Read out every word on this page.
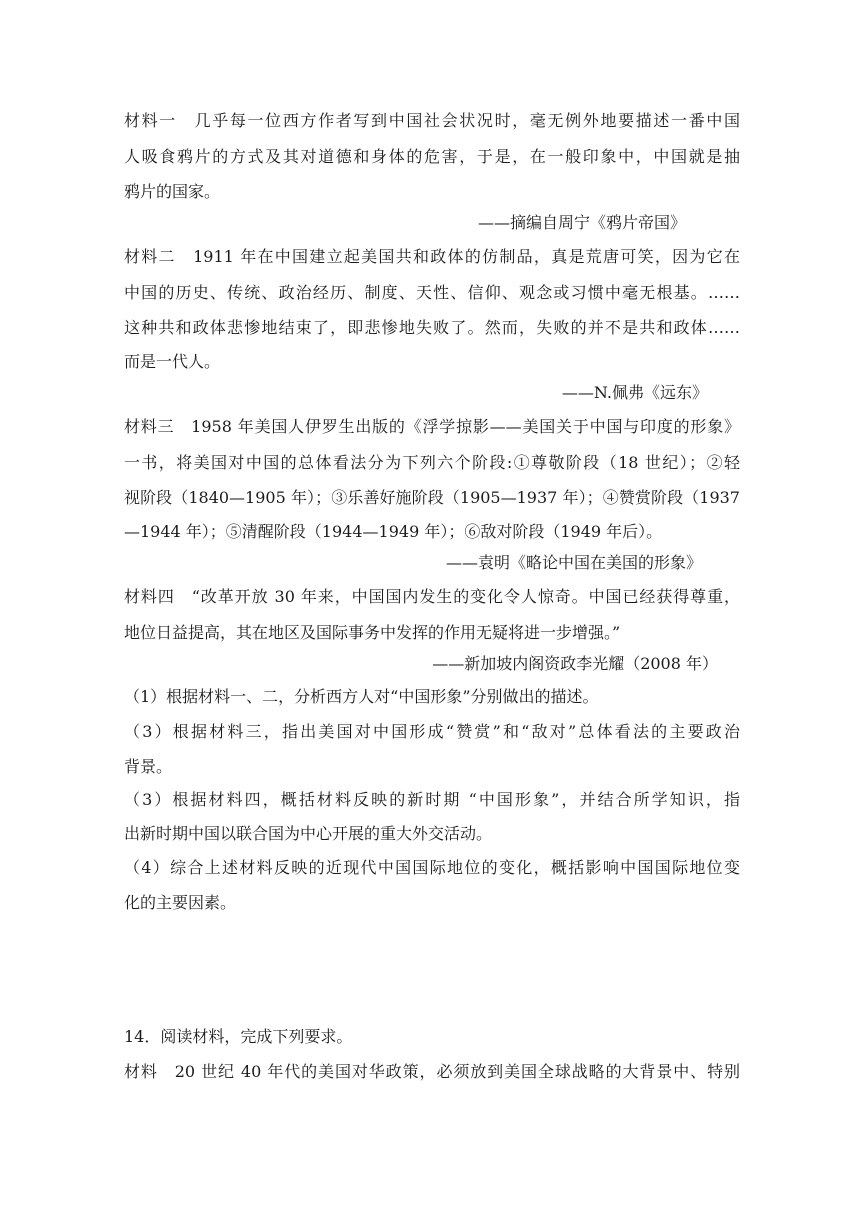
材料一　几乎每一位西方作者写到中国社会状况时，毫无例外地要描述一番中国
人吸食鸦片的方式及其对道德和身体的危害，于是，在一般印象中，中国就是抽
鸦片的国家。
——摘编自周宁《鸦片帝国》
材料二　1911 年在中国建立起美国共和政体的仿制品，真是荒唐可笑，因为它在
中国的历史、传统、政治经历、制度、天性、信仰、观念或习惯中毫无根基。……
这种共和政体悲惨地结束了，即悲惨地失败了。然而，失败的并不是共和政体……
而是一代人。
——N.佩弗《远东》
材料三　1958 年美国人伊罗生出版的《浮学掠影——美国关于中国与印度的形象》
一书，将美国对中国的总体看法分为下列六个阶段:①尊敬阶段（18 世纪）；②轻
视阶段（1840—1905 年）；③乐善好施阶段（1905—1937 年）；④赞赏阶段（1937
—1944 年）；⑤清醒阶段（1944—1949 年）；⑥敌对阶段（1949 年后）。
——袁明《略论中国在美国的形象》
材料四　“改革开放 30 年来，中国国内发生的变化令人惊奇。中国已经获得尊重，
地位日益提高，其在地区及国际事务中发挥的作用无疑将进一步增强。”
——新加坡内阁资政李光耀（2008 年）
（1）根据材料一、二，分析西方人对“中国形象”分别做出的描述。
（3）根据材料三，指出美国对中国形成“赞赏”和“敌对”总体看法的主要政治
背景。
（3）根据材料四，概括材料反映的新时期 “中国形象”，并结合所学知识，指
出新时期中国以联合国为中心开展的重大外交活动。
（4）综合上述材料反映的近现代中国国际地位的变化，概括影响中国国际地位变
化的主要因素。
14．阅读材料，完成下列要求。
材料　20 世纪 40 年代的美国对华政策，必须放到美国全球战略的大背景中、特别
